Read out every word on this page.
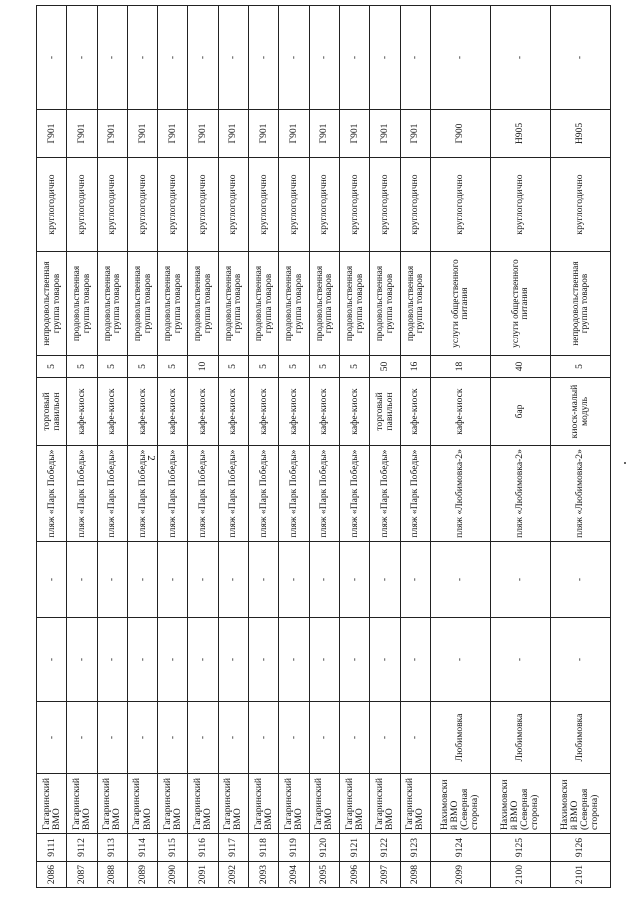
2
2086	9111	Гагаринский ВМО	-	-	-	пляж «Парк Победы»	торговый павильон	5	непродовольственная группа товаров	круглогодично	Г901	-
2087	9112	Гагаринский ВМО	-	-	-	пляж «Парк Победы»	кафе-киоск	5	продовольственная группа товаров	круглогодично	Г901	-
2088	9113	Гагаринский ВМО	-	-	-	пляж «Парк Победы»	кафе-киоск	5	продовольственная группа товаров	круглогодично	Г901	-
2089	9114	Гагаринский ВМО	-	-	-	пляж «Парк Победы»	кафе-киоск	5	продовольственная группа товаров	круглогодично	Г901	-
2090	9115	Гагаринский ВМО	-	-	-	пляж «Парк Победы»	кафе-киоск	5	продовольственная группа товаров	круглогодично	Г901	-
2091	9116	Гагаринский ВМО	-	-	-	пляж «Парк Победы»	кафе-киоск	10	продовольственная группа товаров	круглогодично	Г901	-
2092	9117	Гагаринский ВМО	-	-	-	пляж «Парк Победы»	кафе-киоск	5	продовольственная группа товаров	круглогодично	Г901	-
2093	9118	Гагаринский ВМО	-	-	-	пляж «Парк Победы»	кафе-киоск	5	продовольственная группа товаров	круглогодично	Г901	-
2094	9119	Гагаринский ВМО	-	-	-	пляж «Парк Победы»	кафе-киоск	5	продовольственная группа товаров	круглогодично	Г901	-
2095	9120	Гагаринский ВМО	-	-	-	пляж «Парк Победы»	кафе-киоск	5	продовольственная группа товаров	круглогодично	Г901	-
2096	9121	Гагаринский ВМО	-	-	-	пляж «Парк Победы»	кафе-киоск	5	продовольственная группа товаров	круглогодично	Г901	-
2097	9122	Гагаринский ВМО	-	-	-	пляж «Парк Победы»	торговый павильон	50	продовольственная группа товаров	круглогодично	Г901	-
2098	9123	Гагаринский ВМО	-	-	-	пляж «Парк Победы»	кафе-киоск	16	продовольственная группа товаров	круглогодично	Г901	-
2099	9124	Нахимовский ВМО (Северная сторона)	Любимовка	-	-	пляж «Любимовка-2»	кафе-киоск	18	услуги общественного питания	круглогодично	Г900	-
2100	9125	Нахимовский ВМО (Северная сторона)	Любимовка	-	-	пляж «Любимовка-2»	бар	40	услуги общественного питания	круглогодично	Н905	-
2101	9126	Нахимовский ВМО (Северная сторона)	Любимовка	-	-	пляж «Любимовка-2»	киоск-малый модуль	5	непродовольственная группа товаров	круглогодично	Н905	-
